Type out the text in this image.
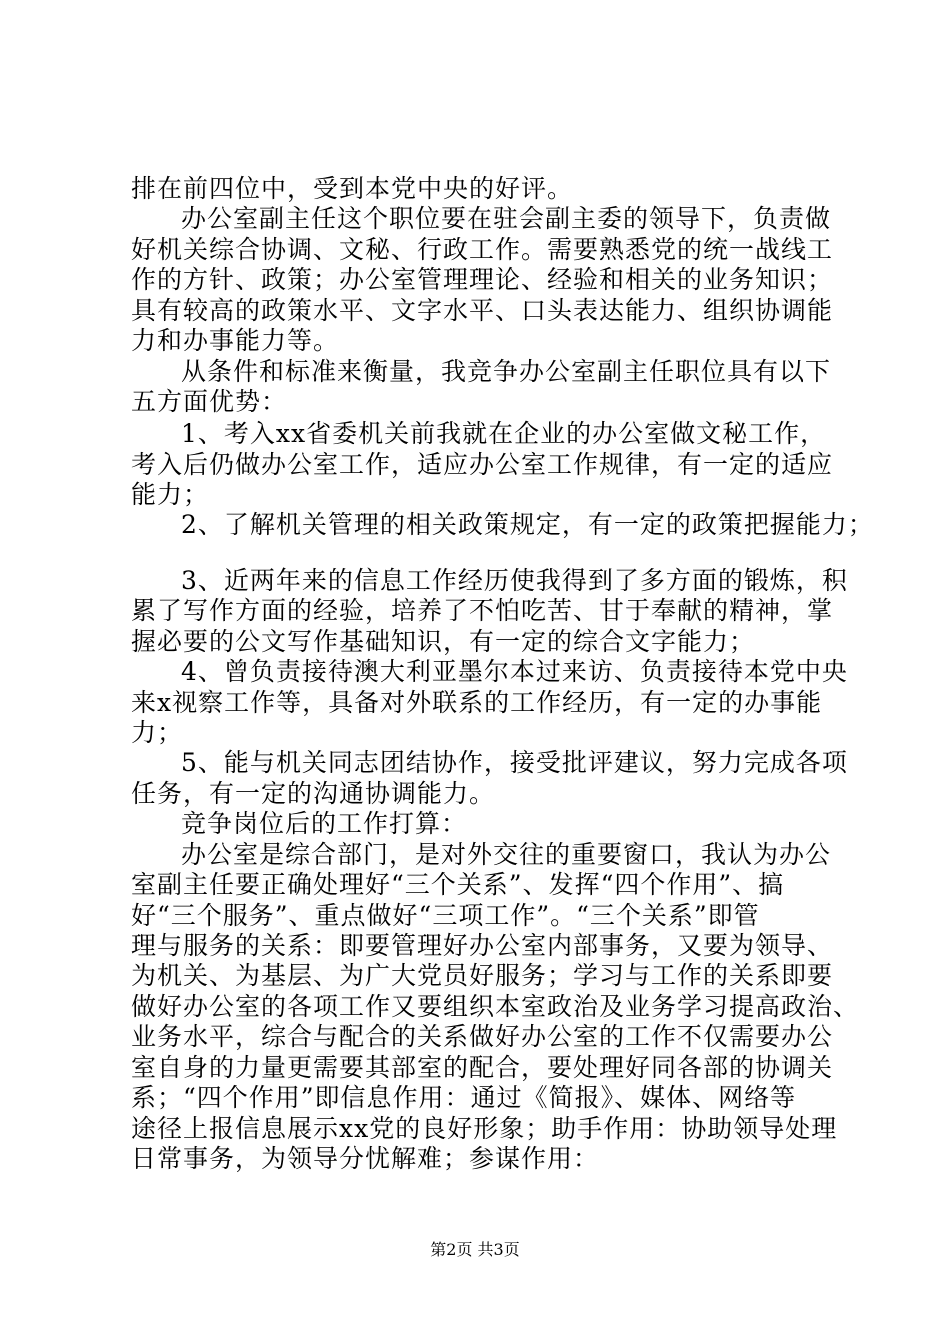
排在前四位中，受到本党中央的好评。
办公室副主任这个职位要在驻会副主委的领导下，负责做
好机关综合协调、文秘、行政工作。需要熟悉党的统一战线工
作的方针、政策；办公室管理理论、经验和相关的业务知识；
具有较高的政策水平、文字水平、口头表达能力、组织协调能
力和办事能力等。
从条件和标准来衡量，我竞争办公室副主任职位具有以下
五方面优势：
1、考入xx省委机关前我就在企业的办公室做文秘工作，
考入后仍做办公室工作，适应办公室工作规律，有一定的适应
能力；
2、了解机关管理的相关政策规定，有一定的政策把握能力；
3、近两年来的信息工作经历使我得到了多方面的锻炼，积
累了写作方面的经验，培养了不怕吃苦、甘于奉献的精神，掌
握必要的公文写作基础知识，有一定的综合文字能力；
4、曾负责接待澳大利亚墨尔本过来访、负责接待本党中央
来x视察工作等，具备对外联系的工作经历，有一定的办事能
力；
5、能与机关同志团结协作，接受批评建议，努力完成各项
任务，有一定的沟通协调能力。
竞争岗位后的工作打算：
办公室是综合部门，是对外交往的重要窗口，我认为办公
室副主任要正确处理好“三个关系”、发挥“四个作用”、搞
好“三个服务”、重点做好“三项工作”。“三个关系”即管
理与服务的关系：即要管理好办公室内部事务，又要为领导、
为机关、为基层、为广大党员好服务；学习与工作的关系即要
做好办公室的各项工作又要组织本室政治及业务学习提高政治、
业务水平，综合与配合的关系做好办公室的工作不仅需要办公
室自身的力量更需要其部室的配合，要处理好同各部的协调关
系；“四个作用”即信息作用：通过《简报》、媒体、网络等
途径上报信息展示xx党的良好形象；助手作用：协助领导处理
日常事务，为领导分忧解难；参谋作用：
第2页 共3页
